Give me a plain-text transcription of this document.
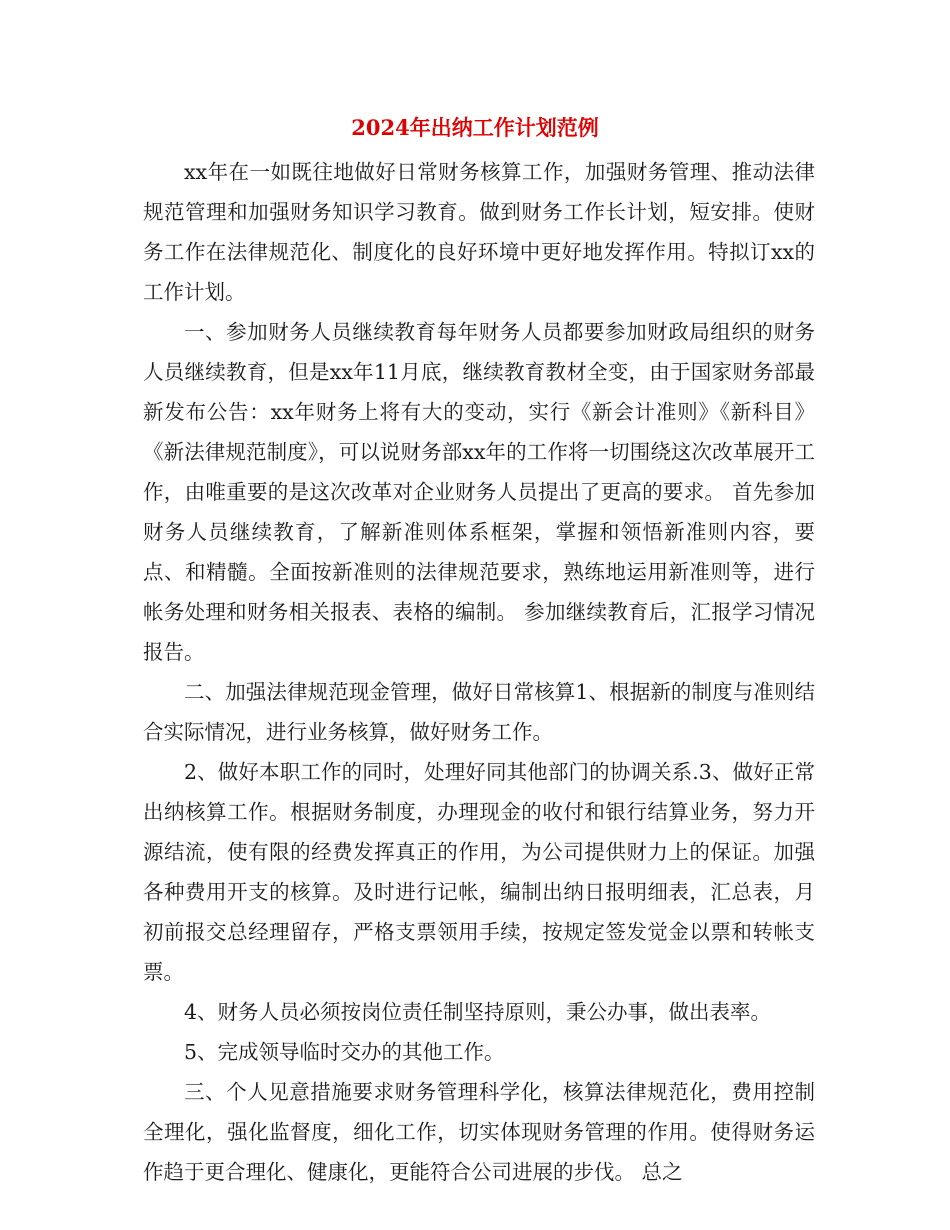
2024年出纳工作计划范例

xx年在一如既往地做好日常财务核算工作，加强财务管理、推动法律规范管理和加强财务知识学习教育。做到财务工作长计划，短安排。使财务工作在法律规范化、制度化的良好环境中更好地发挥作用。特拟订xx的工作计划。

一、参加财务人员继续教育每年财务人员都要参加财政局组织的财务人员继续教育，但是xx年11月底，继续教育教材全变，由于国家财务部最新发布公告：xx年财务上将有大的变动，实行《新会计准则》《新科目》《新法律规范制度》，可以说财务部xx年的工作将一切围绕这次改革展开工作，由唯重要的是这次改革对企业财务人员提出了更高的要求。 首先参加财务人员继续教育，了解新准则体系框架，掌握和领悟新准则内容，要点、和精髓。全面按新准则的法律规范要求，熟练地运用新准则等，进行帐务处理和财务相关报表、表格的编制。 参加继续教育后，汇报学习情况报告。

二、加强法律规范现金管理，做好日常核算1、根据新的制度与准则结合实际情况，进行业务核算，做好财务工作。

2、做好本职工作的同时，处理好同其他部门的协调关系.3、做好正常出纳核算工作。根据财务制度，办理现金的收付和银行结算业务，努力开源结流，使有限的经费发挥真正的作用，为公司提供财力上的保证。加强各种费用开支的核算。及时进行记帐，编制出纳日报明细表，汇总表，月初前报交总经理留存，严格支票领用手续，按规定签发觉金以票和转帐支票。

4、财务人员必须按岗位责任制坚持原则，秉公办事，做出表率。

5、完成领导临时交办的其他工作。

三、个人见意措施要求财务管理科学化，核算法律规范化，费用控制全理化，强化监督度，细化工作，切实体现财务管理的作用。使得财务运作趋于更合理化、健康化，更能符合公司进展的步伐。 总之
